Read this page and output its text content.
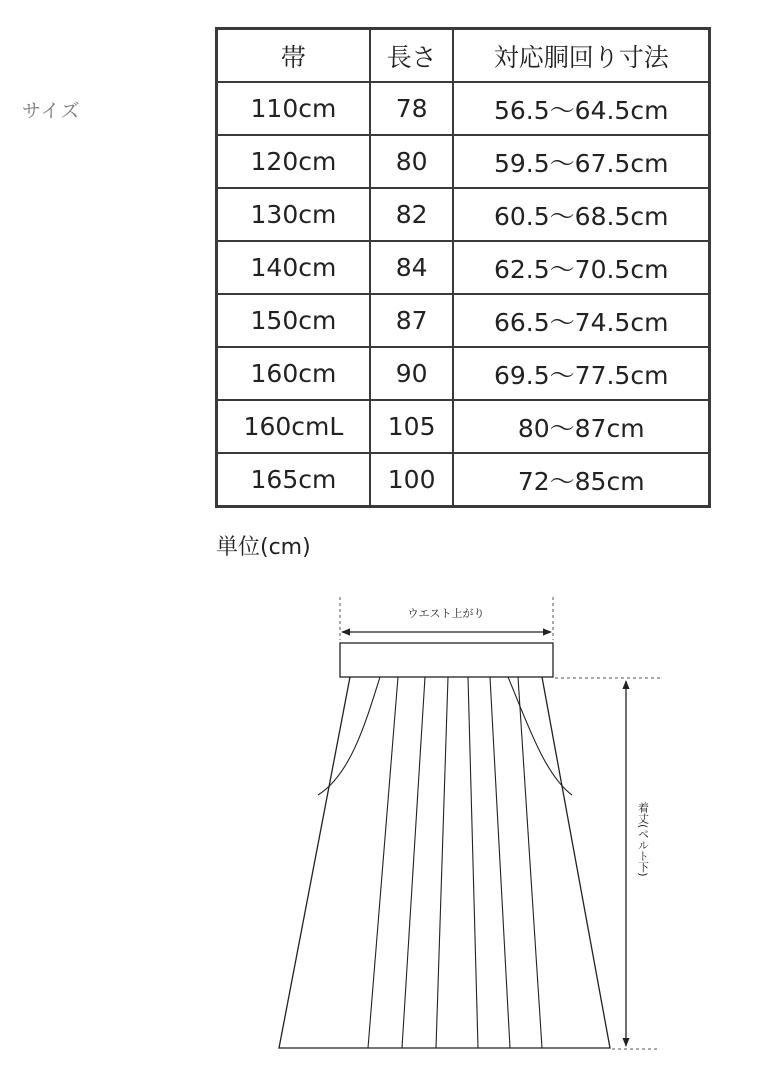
サイズ
帯	長さ	対応胴回り寸法
110cm	78	56.5〜64.5cm
120cm	80	59.5〜67.5cm
130cm	82	60.5〜68.5cm
140cm	84	62.5〜70.5cm
150cm	87	66.5〜74.5cm
160cm	90	69.5〜77.5cm
160cmL	105	80〜87cm
165cm	100	72〜85cm
単位(cm)
ウエスト上がり
着丈(ベルト下)
